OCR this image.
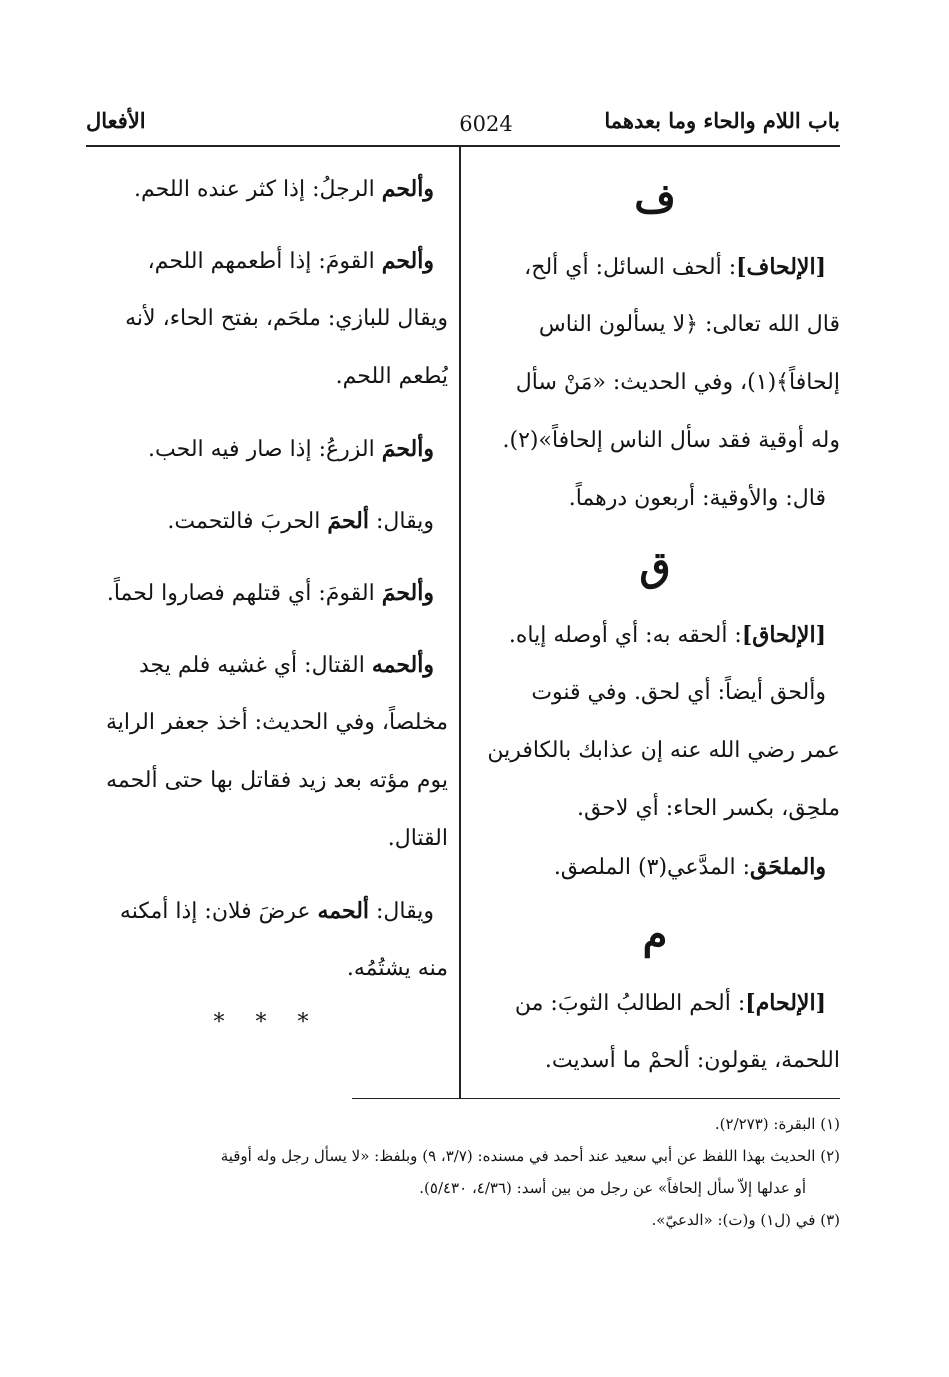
باب اللام والحاء وما بعدهما
6024
الأفعال
ف
[الإلحاف]: ألحف السائل: أي ألح،
قال الله تعالى: ﴿لا يسألون الناس
إلحافاً﴾(١)، وفي الحديث: «مَنْ سأل
وله أوقية فقد سأل الناس إلحافاً»(٢).
قال: والأوقية: أربعون درهماً.
ق
[الإلحاق]: ألحقه به: أي أوصله إياه.
وألحق أيضاً: أي لحق. وفي قنوت
عمر رضي الله عنه إن عذابك بالكافرين
ملحِق، بكسر الحاء: أي لاحق.
والملحَق: المدَّعي(٣) الملصق.
م
[الإلحام]: ألحم الطالبُ الثوبَ: من
اللحمة، يقولون: ألحمْ ما أسديت.
وألحم الرجلُ: إذا كثر عنده اللحم.
وألحم القومَ: إذا أطعمهم اللحم،
ويقال للبازي: ملحَم، بفتح الحاء، لأنه
يُطعم اللحم.
وألحمَ الزرعُ: إذا صار فيه الحب.
ويقال: ألحمَ الحربَ فالتحمت.
وألحمَ القومَ: أي قتلهم فصاروا لحماً.
وألحمه القتال: أي غشيه فلم يجد
مخلصاً، وفي الحديث: أخذ جعفر الراية
يوم مؤته بعد زيد فقاتل بها حتى ألحمه
القتال.
ويقال: ألحمه عرضَ فلان: إذا أمكنه
منه يشتُمُه.
* * *
(١) البقرة: (٢/٢٧٣).
(٢) الحديث بهذا اللفظ عن أبي سعيد عند أحمد في مسنده: (٣/٧، ٩) وبلفظ: «لا يسأل رجل وله أوقية
أو عدلها إلاّ سأل إلحافاً» عن رجل من بين أسد: (٤/٣٦، ٥/٤٣٠).
(٣) في (ل١) و(ت): «الدعيّ».
